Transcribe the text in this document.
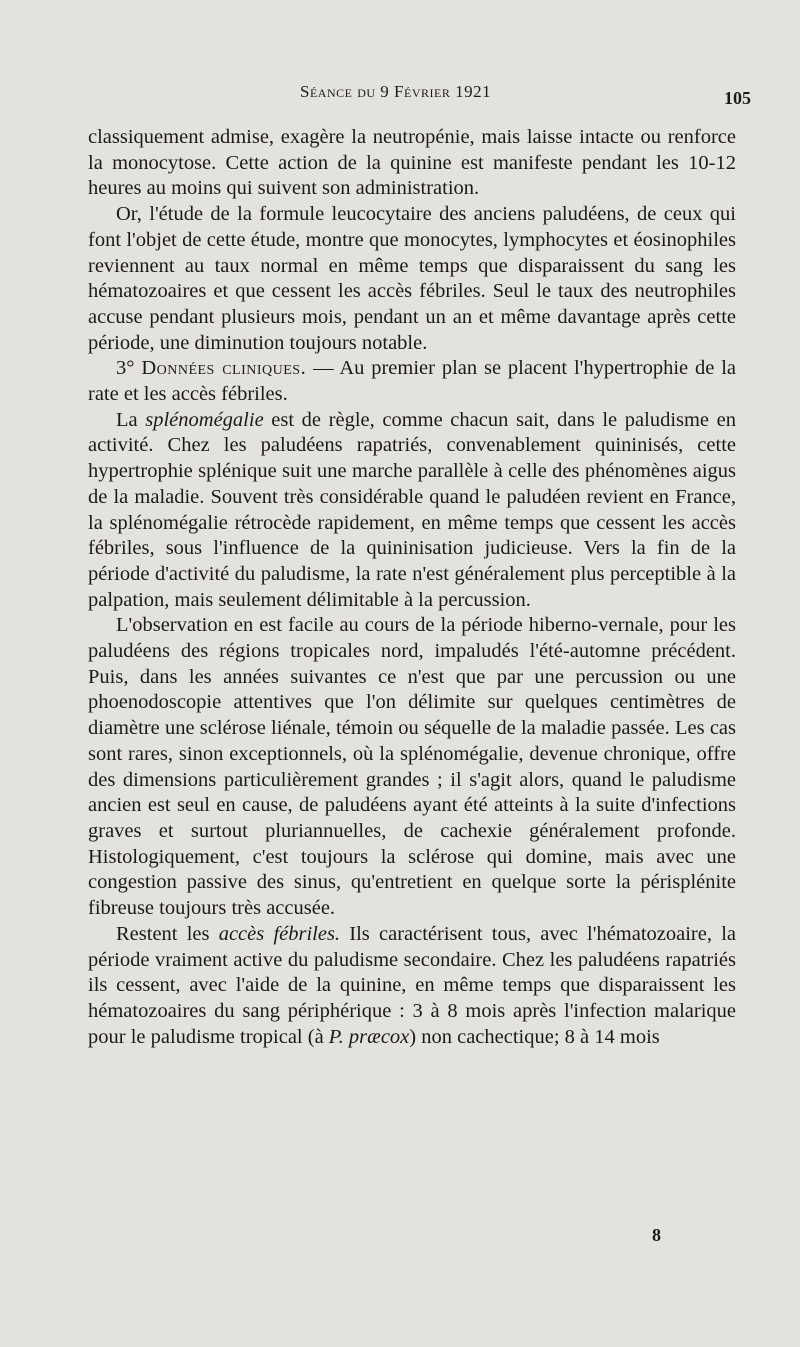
Séance du 9 Février 1921	105

classiquement admise, exagère la neutropénie, mais laisse intacte ou renforce la monocytose. Cette action de la quinine est manifeste pendant les 10-12 heures au moins qui suivent son administration.

Or, l'étude de la formule leucocytaire des anciens paludéens, de ceux qui font l'objet de cette étude, montre que monocytes, lymphocytes et éosinophiles reviennent au taux normal en même temps que disparaissent du sang les hématozoaires et que cessent les accès fébriles. Seul le taux des neutrophiles accuse pendant plusieurs mois, pendant un an et même davantage après cette période, une diminution toujours notable.

3° Données cliniques. — Au premier plan se placent l'hypertrophie de la rate et les accès fébriles.

La splénomégalie est de règle, comme chacun sait, dans le paludisme en activité. Chez les paludéens rapatriés, convenablement quininisés, cette hypertrophie splénique suit une marche parallèle à celle des phénomènes aigus de la maladie. Souvent très considérable quand le paludéen revient en France, la splénomégalie rétrocède rapidement, en même temps que cessent les accès fébriles, sous l'influence de la quininisation judicieuse. Vers la fin de la période d'activité du paludisme, la rate n'est généralement plus perceptible à la palpation, mais seulement délimitable à la percussion.

L'observation en est facile au cours de la période hiberno-vernale, pour les paludéens des régions tropicales nord, impaludés l'été-automne précédent. Puis, dans les années suivantes ce n'est que par une percussion ou une phoenodoscopie attentives que l'on délimite sur quelques centimètres de diamètre une sclérose liénale, témoin ou séquelle de la maladie passée. Les cas sont rares, sinon exceptionnels, où la splénomégalie, devenue chronique, offre des dimensions particulièrement grandes ; il s'agit alors, quand le paludisme ancien est seul en cause, de paludéens ayant été atteints à la suite d'infections graves et surtout pluriannuelles, de cachexie généralement profonde. Histologiquement, c'est toujours la sclérose qui domine, mais avec une congestion passive des sinus, qu'entretient en quelque sorte la périsplénite fibreuse toujours très accusée.

Restent les accès fébriles. Ils caractérisent tous, avec l'hématozoaire, la période vraiment active du paludisme secondaire. Chez les paludéens rapatriés ils cessent, avec l'aide de la quinine, en même temps que disparaissent les hématozoaires du sang périphérique : 3 à 8 mois après l'infection malarique pour le paludisme tropical (à P. præcox) non cachectique; 8 à 14 mois

8
